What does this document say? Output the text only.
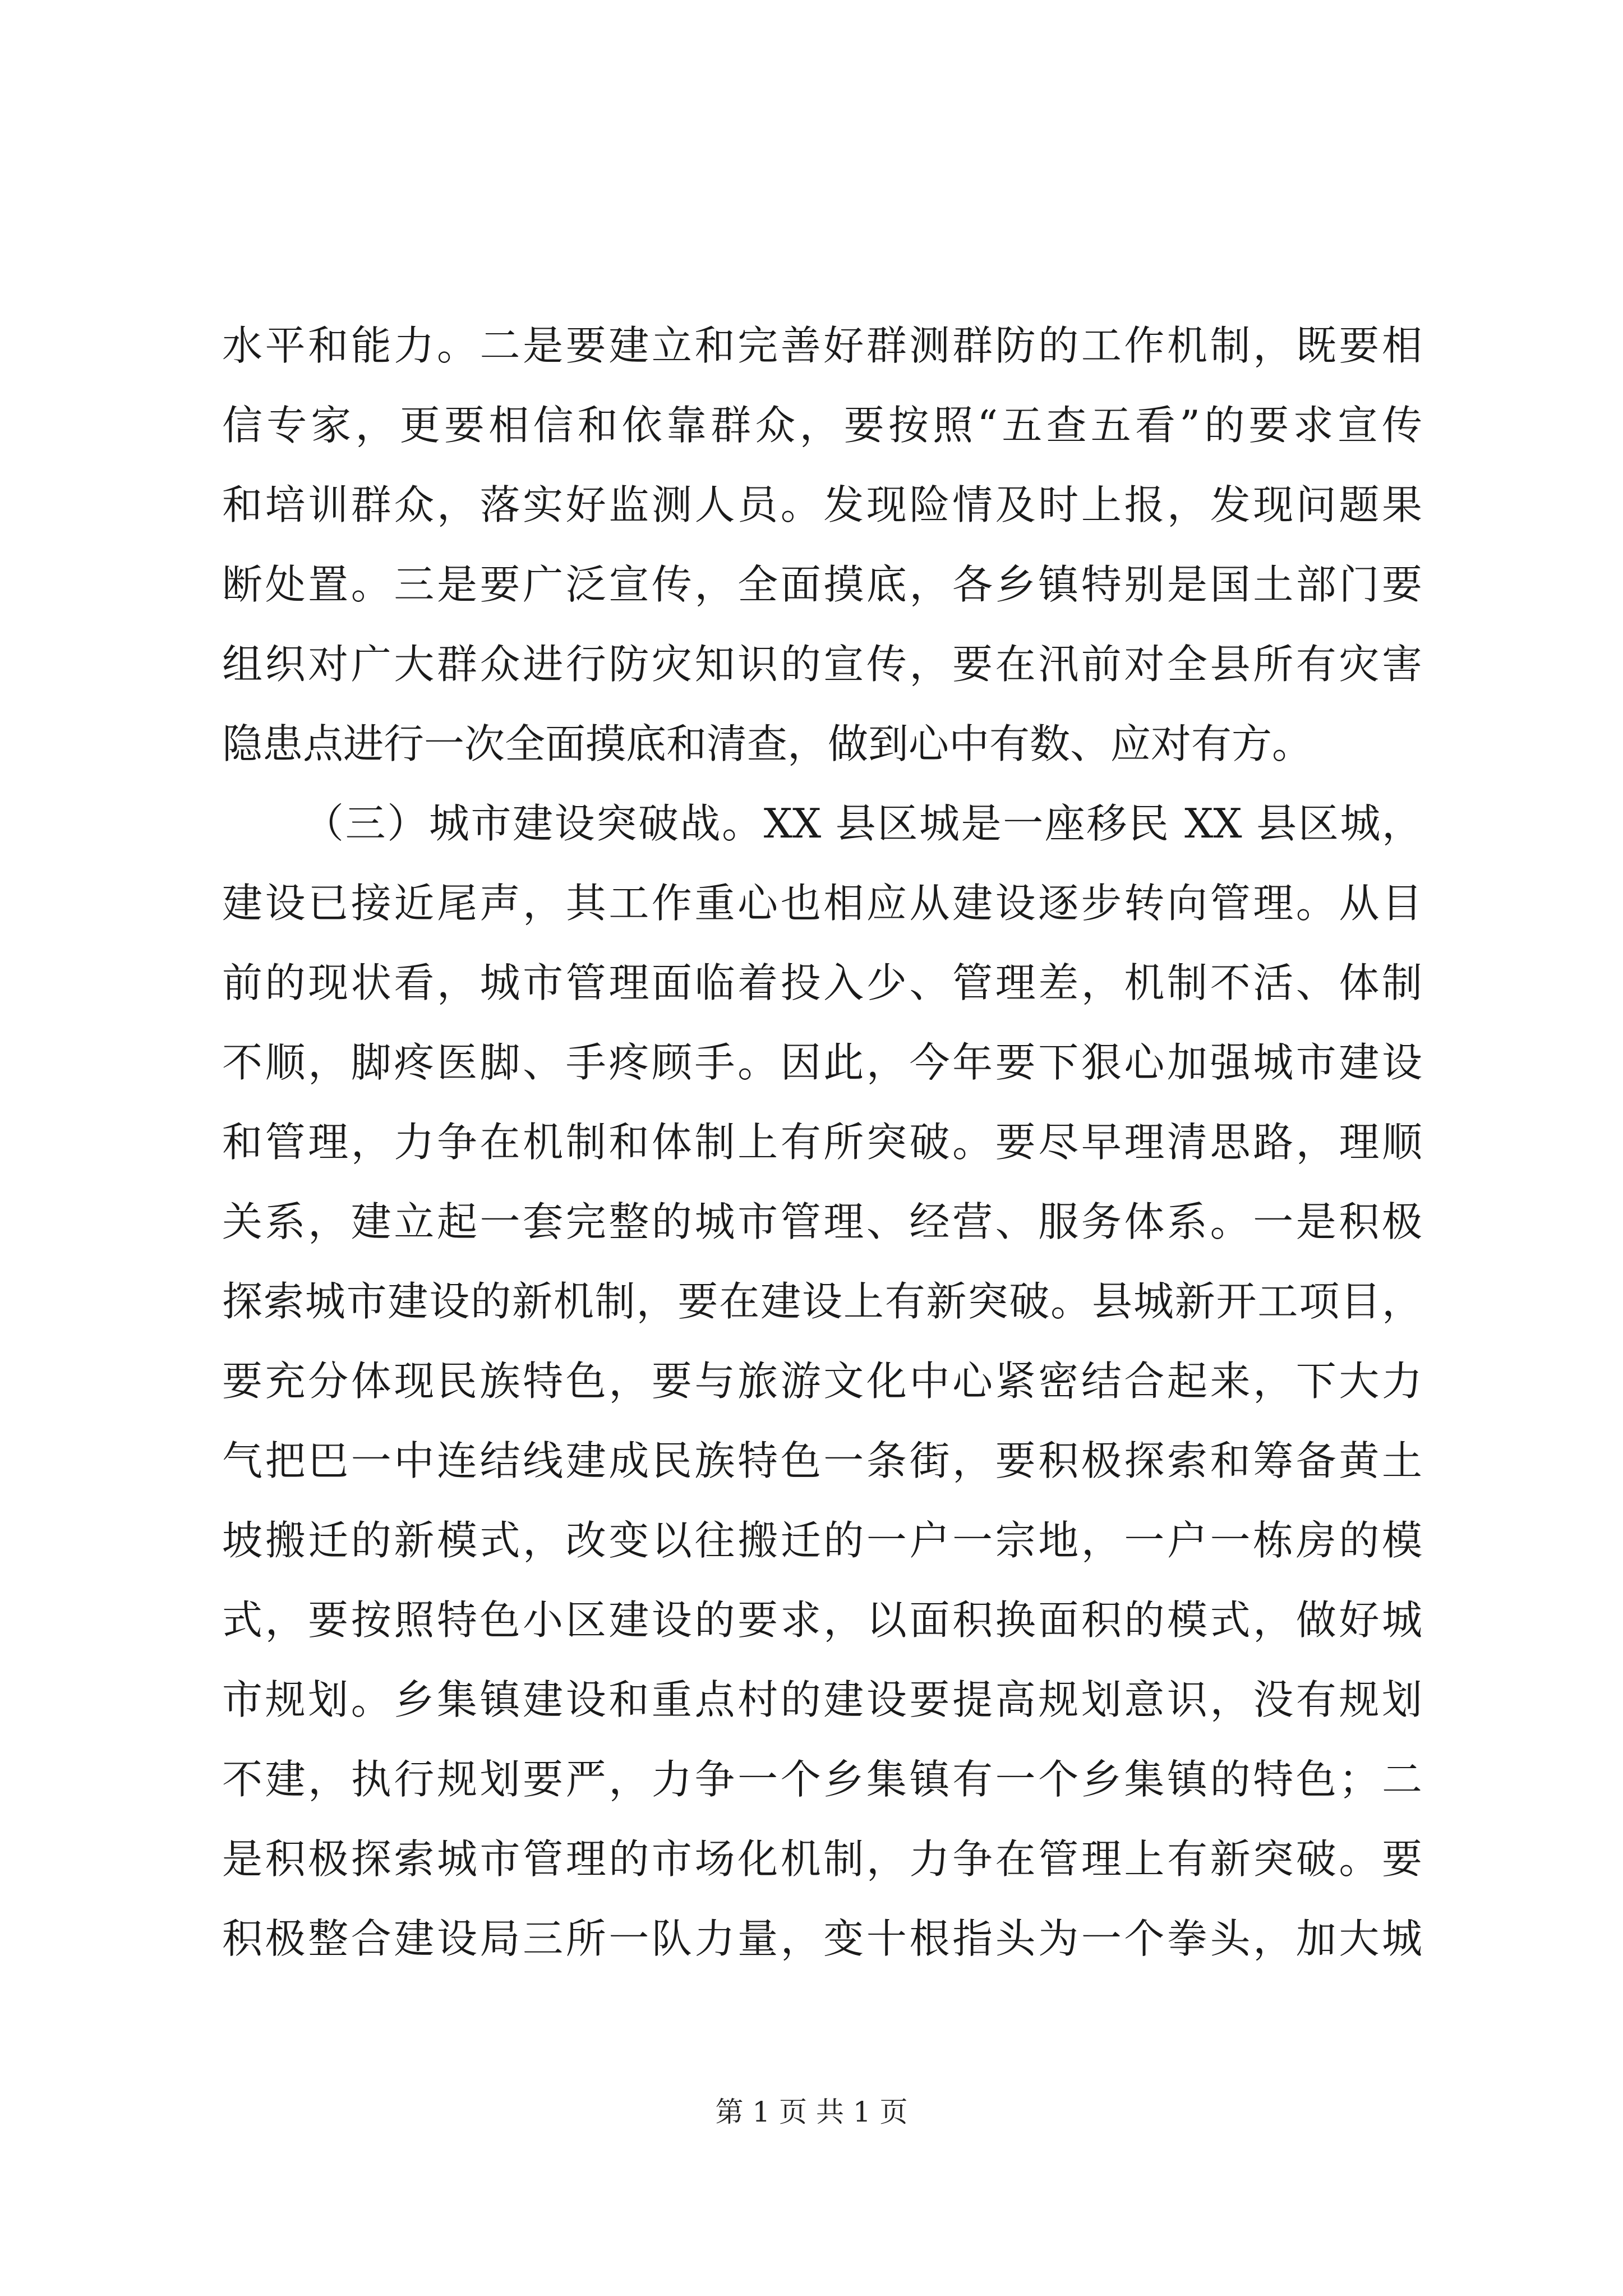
水平和能力。二是要建立和完善好群测群防的工作机制，既要相
信专家，更要相信和依靠群众，要按照“五查五看”的要求宣传
和培训群众，落实好监测人员。发现险情及时上报，发现问题果
断处置。三是要广泛宣传，全面摸底，各乡镇特别是国土部门要
组织对广大群众进行防灾知识的宣传，要在汛前对全县所有灾害
隐患点进行一次全面摸底和清查，做到心中有数、应对有方。
（三）城市建设突破战。XX 县区城是一座移民 XX 县区城，
建设已接近尾声，其工作重心也相应从建设逐步转向管理。从目
前的现状看，城市管理面临着投入少、管理差，机制不活、体制
不顺，脚疼医脚、手疼顾手。因此，今年要下狠心加强城市建设
和管理，力争在机制和体制上有所突破。要尽早理清思路，理顺
关系，建立起一套完整的城市管理、经营、服务体系。一是积极
探索城市建设的新机制，要在建设上有新突破。县城新开工项目，
要充分体现民族特色，要与旅游文化中心紧密结合起来，下大力
气把巴一中连结线建成民族特色一条街，要积极探索和筹备黄土
坡搬迁的新模式，改变以往搬迁的一户一宗地，一户一栋房的模
式，要按照特色小区建设的要求，以面积换面积的模式，做好城
市规划。乡集镇建设和重点村的建设要提高规划意识，没有规划
不建，执行规划要严，力争一个乡集镇有一个乡集镇的特色；二
是积极探索城市管理的市场化机制，力争在管理上有新突破。要
积极整合建设局三所一队力量，变十根指头为一个拳头，加大城
第 1 页 共 1 页
